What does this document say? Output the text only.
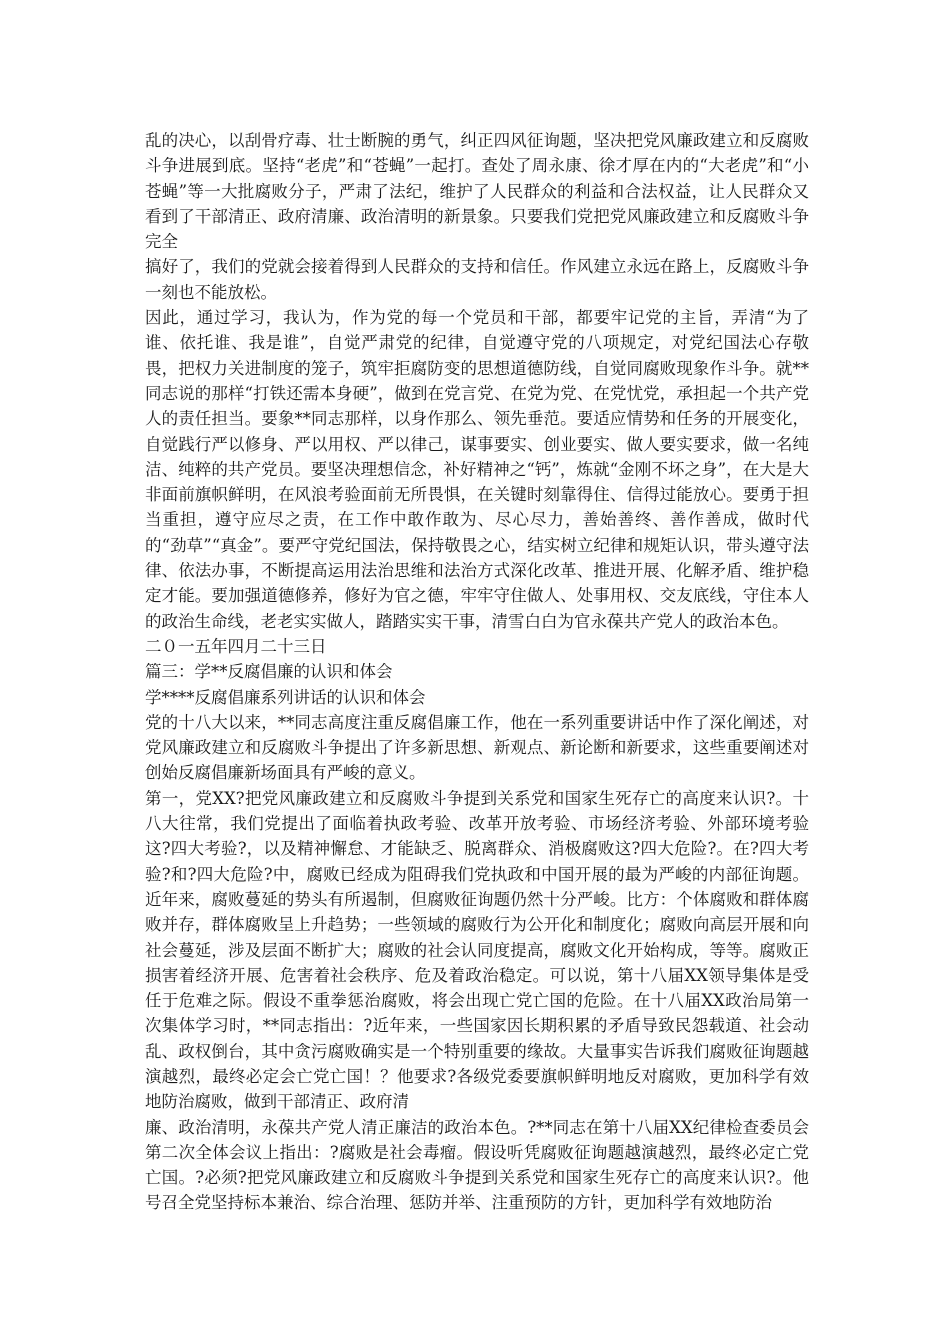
乱的决心，以刮骨疗毒、壮士断腕的勇气，纠正四风征询题，坚决把党风廉政建立和反腐败斗争进展到底。坚持“老虎”和“苍蝇”一起打。查处了周永康、徐才厚在内的“大老虎”和“小苍蝇”等一大批腐败分子，严肃了法纪，维护了人民群众的利益和合法权益，让人民群众又看到了干部清正、政府清廉、政治清明的新景象。只要我们党把党风廉政建立和反腐败斗争完全

搞好了，我们的党就会接着得到人民群众的支持和信任。作风建立永远在路上，反腐败斗争一刻也不能放松。

因此，通过学习，我认为，作为党的每一个党员和干部，都要牢记党的主旨，弄清“为了谁、依托谁、我是谁”，自觉严肃党的纪律，自觉遵守党的八项规定，对党纪国法心存敬畏，把权力关进制度的笼子，筑牢拒腐防变的思想道德防线，自觉同腐败现象作斗争。就**同志说的那样“打铁还需本身硬”，做到在党言党、在党为党、在党忧党，承担起一个共产党人的责任担当。要象**同志那样，以身作那么、领先垂范。要适应情势和任务的开展变化，自觉践行严以修身、严以用权、严以律己，谋事要实、创业要实、做人要实要求，做一名纯洁、纯粹的共产党员。要坚决理想信念，补好精神之“钙”，炼就“金刚不坏之身”，在大是大非面前旗帜鲜明，在风浪考验面前无所畏惧，在关键时刻靠得住、信得过能放心。要勇于担当重担，遵守应尽之责，在工作中敢作敢为、尽心尽力，善始善终、善作善成，做时代的“劲草”“真金”。要严守党纪国法，保持敬畏之心，结实树立纪律和规矩认识，带头遵守法律、依法办事，不断提高运用法治思维和法治方式深化改革、推进开展、化解矛盾、维护稳定才能。要加强道德修养，修好为官之德，牢牢守住做人、处事用权、交友底线，守住本人的政治生命线，老老实实做人，踏踏实实干事，清雪白白为官永葆共产党人的政治本色。

二０一五年四月二十三日

篇三：学**反腐倡廉的认识和体会

学****反腐倡廉系列讲话的认识和体会

党的十八大以来，**同志高度注重反腐倡廉工作，他在一系列重要讲话中作了深化阐述，对党风廉政建立和反腐败斗争提出了许多新思想、新观点、新论断和新要求，这些重要阐述对创始反腐倡廉新场面具有严峻的意义。

第一，党XX?把党风廉政建立和反腐败斗争提到关系党和国家生死存亡的高度来认识?。十八大往常，我们党提出了面临着执政考验、改革开放考验、市场经济考验、外部环境考验这?四大考验?，以及精神懈怠、才能缺乏、脱离群众、消极腐败这?四大危险?。在?四大考验?和?四大危险?中，腐败已经成为阻碍我们党执政和中国开展的最为严峻的内部征询题。近年来，腐败蔓延的势头有所遏制，但腐败征询题仍然十分严峻。比方：个体腐败和群体腐败并存，群体腐败呈上升趋势；一些领域的腐败行为公开化和制度化；腐败向高层开展和向社会蔓延，涉及层面不断扩大；腐败的社会认同度提高，腐败文化开始构成，等等。腐败正损害着经济开展、危害着社会秩序、危及着政治稳定。可以说，第十八届XX领导集体是受任于危难之际。假设不重拳惩治腐败，将会出现亡党亡国的危险。在十八届XX政治局第一次集体学习时，**同志指出：?近年来，一些国家因长期积累的矛盾导致民怨载道、社会动乱、政权倒台，其中贪污腐败确实是一个特别重要的缘故。大量事实告诉我们腐败征询题越演越烈，最终必定会亡党亡国！？他要求?各级党委要旗帜鲜明地反对腐败，更加科学有效地防治腐败，做到干部清正、政府清

廉、政治清明，永葆共产党人清正廉洁的政治本色。?**同志在第十八届XX纪律检查委员会第二次全体会议上指出：?腐败是社会毒瘤。假设听凭腐败征询题越演越烈，最终必定亡党亡国。?必须?把党风廉政建立和反腐败斗争提到关系党和国家生死存亡的高度来认识?。他号召全党坚持标本兼治、综合治理、惩防并举、注重预防的方针，更加科学有效地防治
